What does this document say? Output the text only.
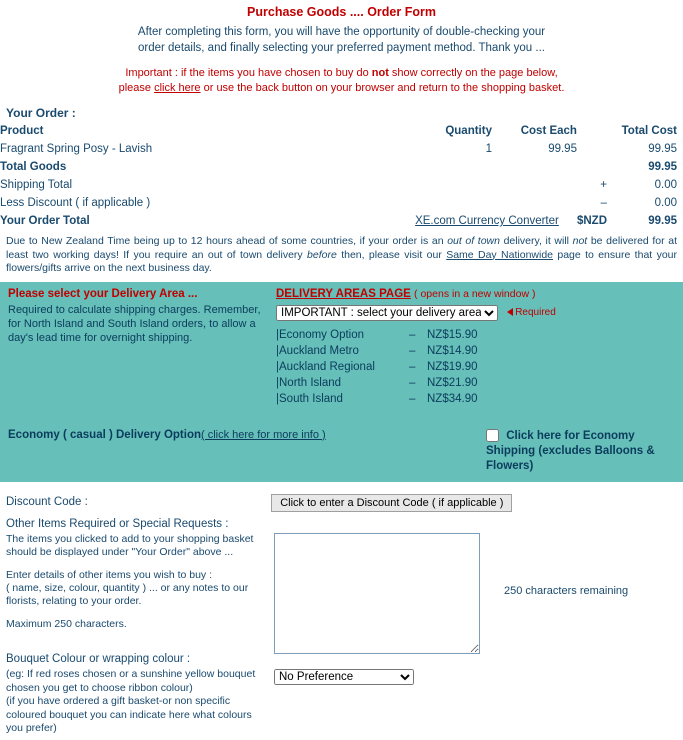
Purchase Goods .... Order Form
After completing this form, you will have the opportunity of double-checking your
order details, and finally selecting your preferred payment method. Thank you ...
Important : if the items you have chosen to buy do not show correctly on the page below,
please click here or use the back button on your browser and return to the shopping basket.
Your Order :
Product	Quantity	Cost Each		Total Cost
Fragrant Spring Posy - Lavish	1	99.95		99.95
Total Goods				99.95
Shipping Total			+	0.00
Less Discount ( if applicable )			–	0.00
Your Order Total	XE.com Currency Converter		$NZD	99.95
Due to New Zealand Time being up to 12 hours ahead of some countries, if your order is an out of town delivery, it will not be delivered for at least two working days! If you require an out of town delivery before then, please visit our Same Day Nationwide page to ensure that your flowers/gifts arrive on the next business day.
Please select your Delivery Area ...
Required to calculate shipping charges. Remember, for North Island and South Island orders, to allow a day's lead time for overnight shipping.
DELIVERY AREAS PAGE ( opens in a new window )
IMPORTANT : select your delivery area Required
|	Economy Option	–	NZ$15.90
|	Auckland Metro	–	NZ$14.90
|	Auckland Regional	–	NZ$19.90
|	North Island	–	NZ$21.90
|	South Island	–	NZ$34.90
Economy ( casual ) Delivery Option( click here for more info )	Click here for Economy Shipping (excludes Balloons & Flowers)
Discount Code :	Click to enter a Discount Code ( if applicable )
Other Items Required or Special Requests :

The items you clicked to add to your shopping basket should be displayed under "Your Order" above ...

Enter details of other items you wish to buy :
( name, size, colour, quantity ) ... or any notes to our florists, relating to your order.

Maximum 250 characters.

250 characters remaining
Bouquet Colour or wrapping colour :
(eg: If red roses chosen or a sunshine yellow bouquet chosen you get to choose ribbon colour)
(if you have ordered a gift basket-or non specific coloured bouquet you can indicate here what colours you prefer)
No Preference
